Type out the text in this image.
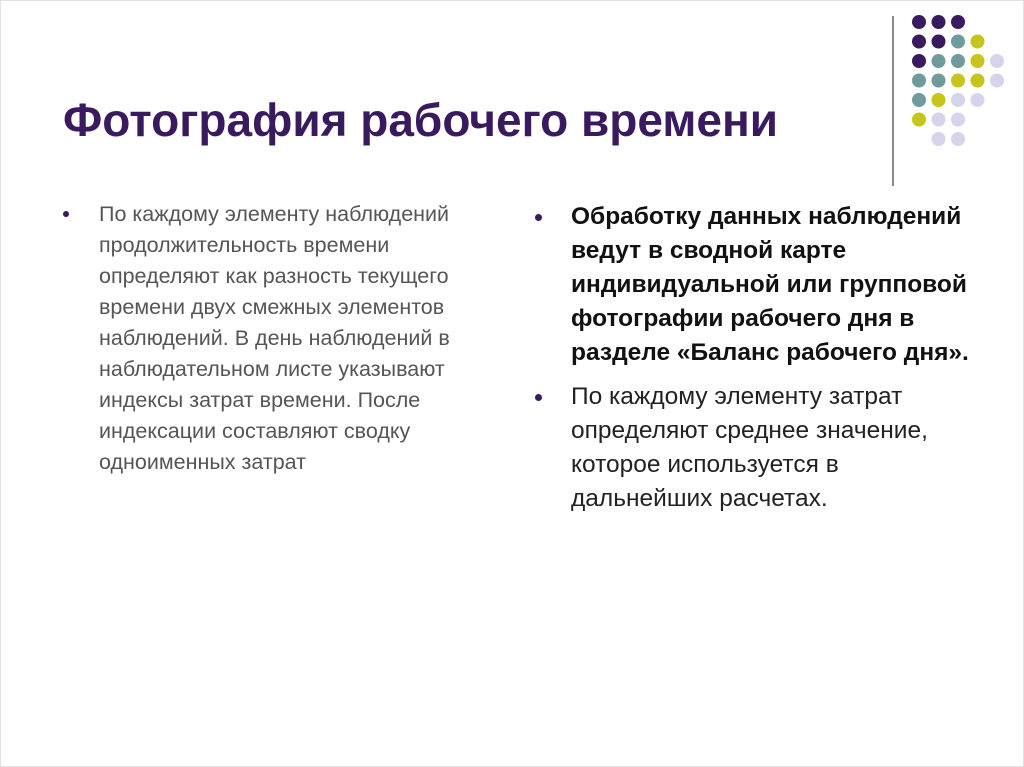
Фотография рабочего времени
По каждому элементу наблюдений продолжительность времени определяют как разность текущего времени двух смежных элементов наблюдений. В день наблюдений в наблюдательном листе указывают индексы затрат времени. После индексации составляют сводку одноименных затрат
Обработку данных наблюдений ведут в сводной карте индивидуальной или групповой фотографии рабочего дня в разделе «Баланс рабочего дня».
По каждому элементу затрат определяют среднее значение, которое используется в дальнейших расчетах.
